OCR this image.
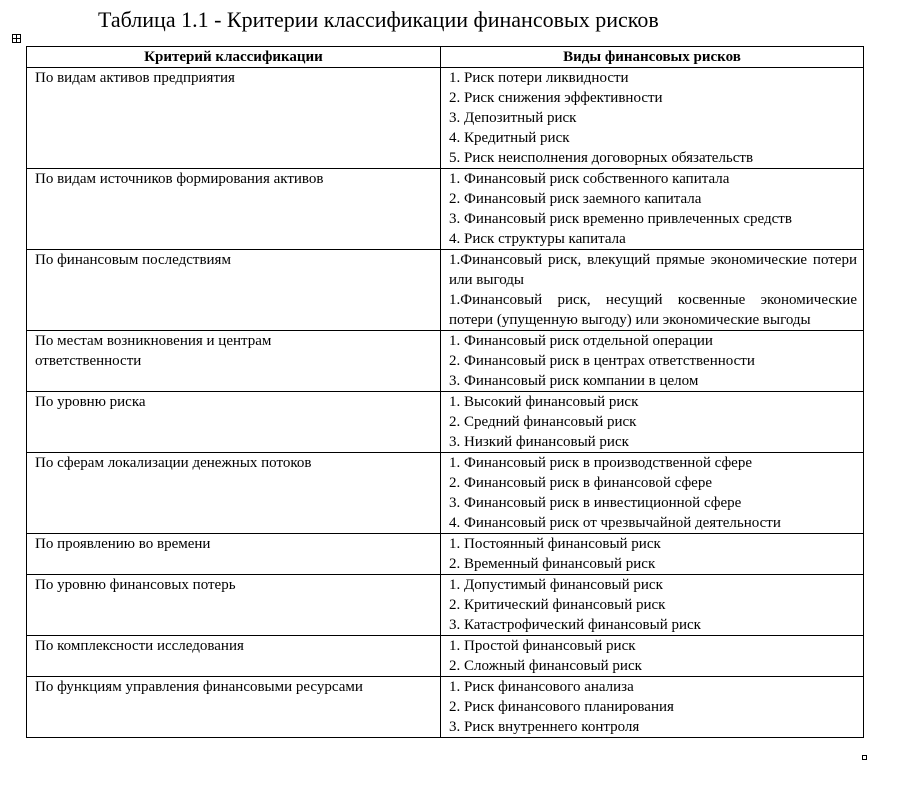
Таблица 1.1 - Критерии классификации финансовых рисков
Критерий классификации	Виды финансовых рисков

По видам активов предприятия	1. Риск потери ликвидности
2. Риск снижения эффективности
3. Депозитный риск
4. Кредитный риск
5. Риск неисполнения договорных обязательств

По видам источников формирования активов	1. Финансовый риск собственного капитала
2. Финансовый риск заемного капитала
3. Финансовый риск временно привлеченных средств
4. Риск структуры капитала

По финансовым последствиям	1.Финансовый риск, влекущий прямые экономические потери или выгоды
1.Финансовый риск, несущий косвенные экономические потери (упущенную выгоду) или экономические выгоды

По местам возникновения и центрам ответственности	1. Финансовый риск отдельной операции
2. Финансовый риск в центрах ответственности
3. Финансовый риск компании в целом

По уровню риска	1. Высокий финансовый риск
2. Средний финансовый риск
3. Низкий финансовый риск

По сферам локализации денежных потоков	1. Финансовый риск в производственной сфере
2. Финансовый риск в финансовой сфере
3. Финансовый риск в инвестиционной сфере
4. Финансовый риск от чрезвычайной деятельности

По проявлению во времени	1. Постоянный финансовый риск
2. Временный финансовый риск

По уровню финансовых потерь	1. Допустимый финансовый риск
2. Критический финансовый риск
3. Катастрофический финансовый риск

По комплексности исследования	1. Простой финансовый риск
2. Сложный финансовый риск

По функциям управления финансовыми ресурсами	1. Риск финансового анализа
2. Риск финансового планирования
3. Риск внутреннего контроля
